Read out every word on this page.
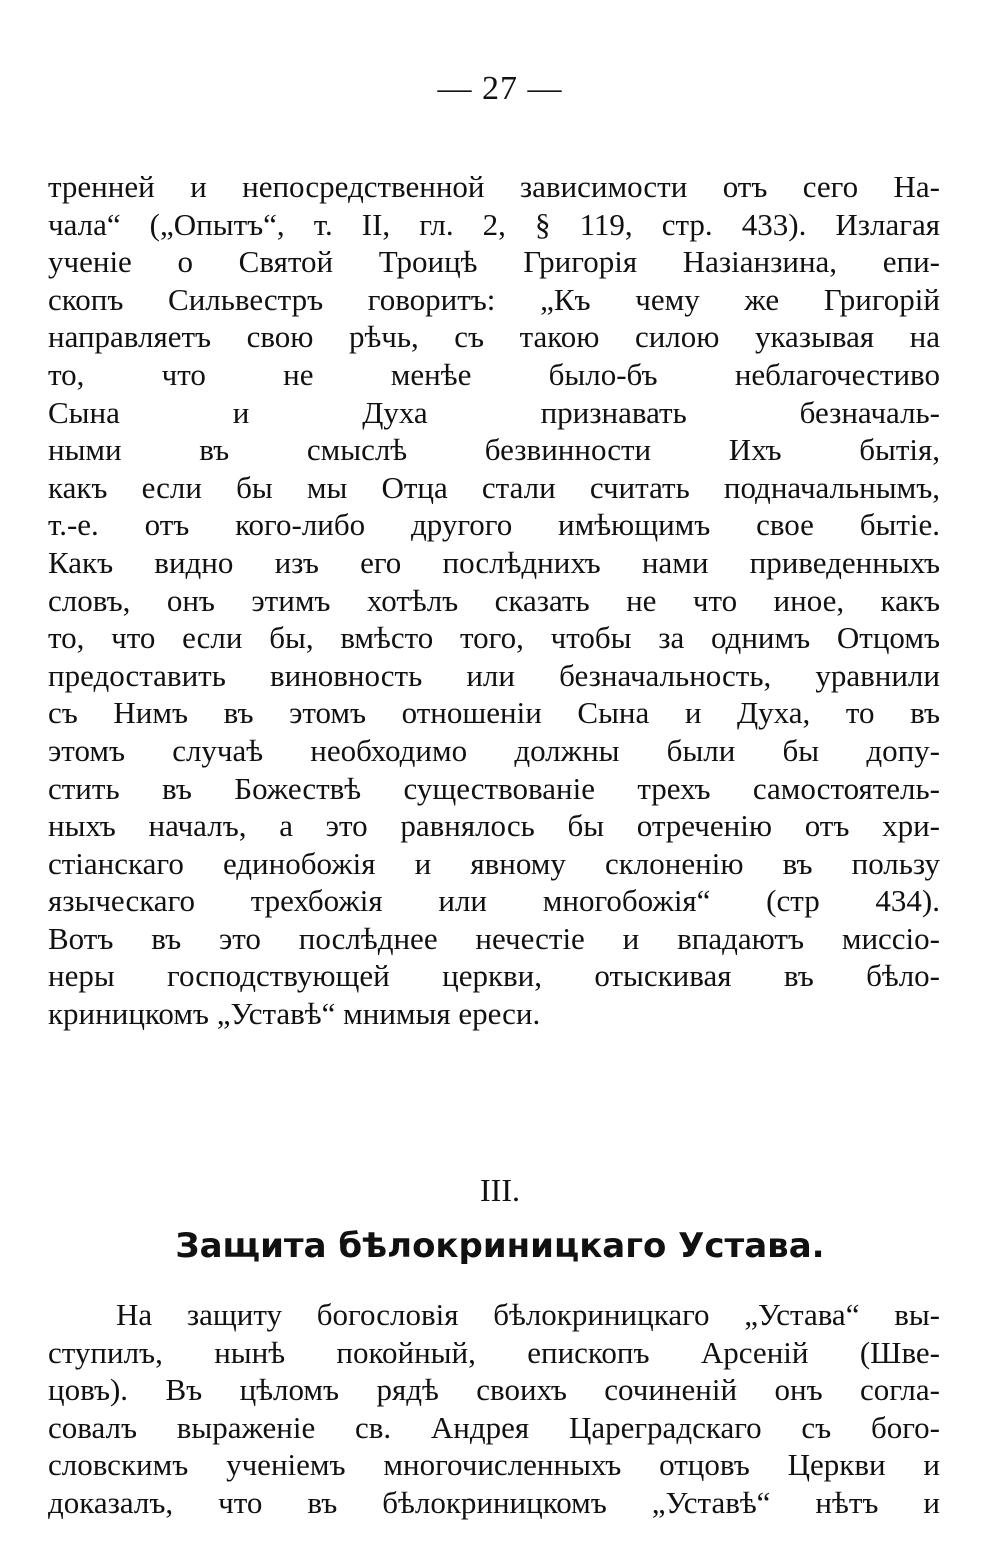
— 27 —
тренней и непосредственной зависимости отъ сего На-
чала“ („Опытъ“, т. II, гл. 2, § 119, стр. 433). Излагая
ученіе о Святой Троицѣ Григорія Назіанзина, епи-
скопъ Сильвестръ говоритъ: „Къ чему же Григорій
направляетъ свою рѣчь, съ такою силою указывая на
то, что не менѣе было-бъ неблагочестиво
Сына и Духа признавать безначаль-
ными въ смыслѣ безвинности Ихъ бытія,
какъ если бы мы Отца стали считать подначальнымъ,
т.-е. отъ кого-либо другого имѣющимъ свое бытіе.
Какъ видно изъ его послѣднихъ нами приведенныхъ
словъ, онъ этимъ хотѣлъ сказать не что иное, какъ
то, что если бы, вмѣсто того, чтобы за однимъ Отцомъ
предоставить виновность или безначальность, уравнили
съ Нимъ въ этомъ отношеніи Сына и Духа, то въ
этомъ случаѣ необходимо должны были бы допу-
стить въ Божествѣ существованіе трехъ самостоятель-
ныхъ началъ, а это равнялось бы отреченію отъ хри-
стіанскаго единобожія и явному склоненію въ пользу
языческаго трехбожія или многобожія“ (стр 434).
Вотъ въ это послѣднее нечестіе и впадаютъ миссіо-
неры господствующей церкви, отыскивая въ бѣло-
криницкомъ „Уставѣ“ мнимыя ереси.
III.
Защита бѣлокриницкаго Устава.
На защиту богословія бѣлокриницкаго „Устава“ вы-
ступилъ, нынѣ покойный, епископъ Арсеній (Шве-
цовъ). Въ цѣломъ рядѣ своихъ сочиненій онъ согла-
совалъ выраженіе св. Андрея Цареградскаго съ бого-
словскимъ ученіемъ многочисленныхъ отцовъ Церкви и
доказалъ, что въ бѣлокриницкомъ „Уставѣ“ нѣтъ и
